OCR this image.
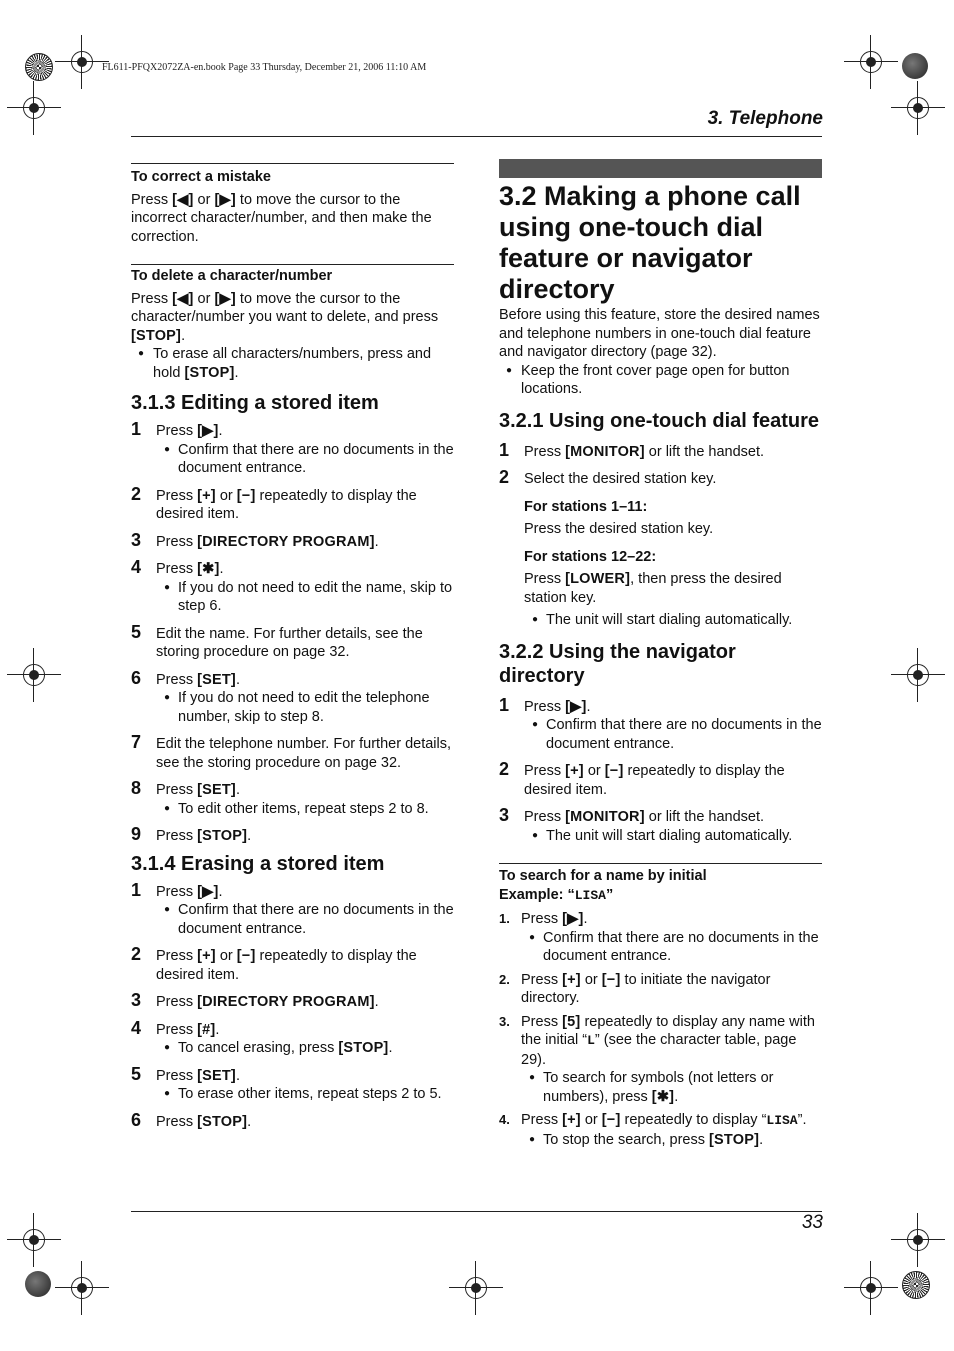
FL611-PFQX2072ZA-en.book Page 33 Thursday, December 21, 2006 11:10 AM
3. Telephone
To correct a mistake
Press [◀] or [▶] to move the cursor to the incorrect character/number, and then make the correction.
To delete a character/number
Press [◀] or [▶] to move the cursor to the character/number you want to delete, and press [STOP].
● To erase all characters/numbers, press and hold [STOP].
3.1.3 Editing a stored item
1 Press [▶].
● Confirm that there are no documents in the document entrance.
2 Press [+] or [−] repeatedly to display the desired item.
3 Press [DIRECTORY PROGRAM].
4 Press [✱].
● If you do not need to edit the name, skip to step 6.
5 Edit the name. For further details, see the storing procedure on page 32.
6 Press [SET].
● If you do not need to edit the telephone number, skip to step 8.
7 Edit the telephone number. For further details, see the storing procedure on page 32.
8 Press [SET].
● To edit other items, repeat steps 2 to 8.
9 Press [STOP].
3.1.4 Erasing a stored item
1 Press [▶].
● Confirm that there are no documents in the document entrance.
2 Press [+] or [−] repeatedly to display the desired item.
3 Press [DIRECTORY PROGRAM].
4 Press [#].
● To cancel erasing, press [STOP].
5 Press [SET].
● To erase other items, repeat steps 2 to 5.
6 Press [STOP].
3.2 Making a phone call using one-touch dial feature or navigator directory
Before using this feature, store the desired names and telephone numbers in one-touch dial feature and navigator directory (page 32).
● Keep the front cover page open for button locations.
3.2.1 Using one-touch dial feature
1 Press [MONITOR] or lift the handset.
2 Select the desired station key.
For stations 1–11:
Press the desired station key.
For stations 12–22:
Press [LOWER], then press the desired station key.
● The unit will start dialing automatically.
3.2.2 Using the navigator directory
1 Press [▶].
● Confirm that there are no documents in the document entrance.
2 Press [+] or [−] repeatedly to display the desired item.
3 Press [MONITOR] or lift the handset.
● The unit will start dialing automatically.
To search for a name by initial
Example: “LISA”
1. Press [▶].
● Confirm that there are no documents in the document entrance.
2. Press [+] or [−] to initiate the navigator directory.
3. Press [5] repeatedly to display any name with the initial “L” (see the character table, page 29).
● To search for symbols (not letters or numbers), press [✱].
4. Press [+] or [−] repeatedly to display “LISA”.
● To stop the search, press [STOP].
33
